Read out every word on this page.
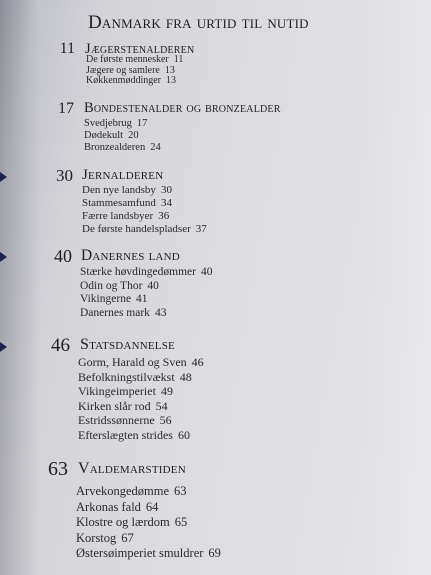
Danmark fra urtid til nutid
11 Jægerstenalderen
De første mennesker 11
Jægere og samlere 13
Køkkenmøddinger 13
17 Bondestenalder og bronzealder
Svedjebrug 17
Dødekult 20
Bronzealderen 24
30 Jernalderen
Den nye landsby 30
Stammesamfund 34
Færre landsbyer 36
De første handelspladser 37
40 Danernes land
Stærke høvdingedømmer 40
Odin og Thor 40
Vikingerne 41
Danernes mark 43
46 Statsdannelse
Gorm, Harald og Sven 46
Befolkningstilvækst 48
Vikingeimperiet 49
Kirken slår rod 54
Estridssønnerne 56
Efterslægten strides 60
63 Valdemarstiden
Arvekongedømme 63
Arkonas fald 64
Klostre og lærdom 65
Korstog 67
Østersøimperiet smuldrer 69
